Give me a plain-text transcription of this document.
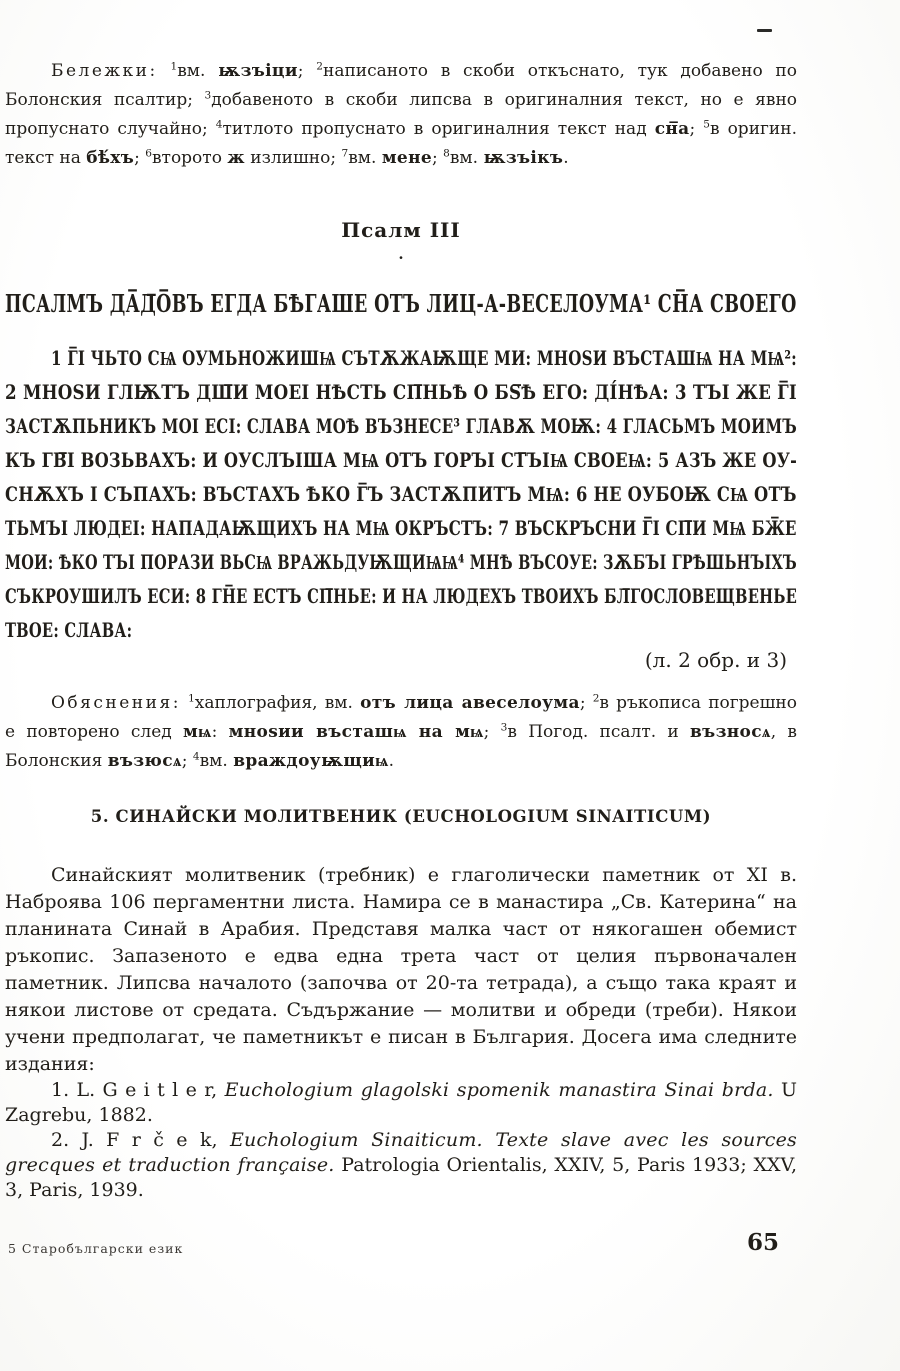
Бележки: $^1$вм. ѭзъіци; $^2$написаното в скоби откъснато, тук добавено по Болонския псалтир; $^3$добавеното в скоби липсва в оригиналния текст, но е явно пропуснато случайно; $^4$титлото пропуснато в оригиналния текст над сн̅а; $^5$в оригин. текст на бѣ́хъ; $^6$второто ж излишно; $^7$вм. мене; $^8$вм. ѭзъікъ.

Псалм III
.
ПСАЛМЪ ДА̅Д̅О̅ВЪ ЕГДА БѢГАШЕ ОТЪ ЛИЦ-А-ВЕСЕЛОУМА¹ СН̅А СВОЕГО
1 Г̅І ЧЬТО СѨ ОУМЬНОЖИШѨ СЪТѪЖАѬЩЕ МИ: МНОЅИ ВЪСТАШѨ НА МѨ²:
2 МНОЅИ ГЛѬТЪ ДШ̅И МОЕІ НѢСТЬ СП̅НЬѢ О БЅ̅Ѣ ЕГО: ДІ́НѢА: 3 ТЪІ ЖЕ Г̅І
ЗАСТѪПЬНИКЪ МОІ ЕСІ: СЛАВА МОѢ ВЪЗНЕСЕ³ ГЛАВѪ МОѬ: 4 ГЛАСЬМЪ МОИМЪ
КЪ ГВ̅І ВОЗЬВАХЪ: И ОУСЛЪІША МѨ ОТЪ ГОРЪІ СТ̅ЪІѨ СВОЕѨ: 5 АЗЪ ЖЕ ОУ-
СНѪХЪ І СЪПАХЪ: ВЪСТАХЪ ѢКО Г̅Ъ ЗАСТѪПИТЪ МѨ: 6 НЕ ОУБОѬ СѨ ОТЪ
ТЬМЪІ ЛЮДЕІ: НАПАДАѬЩИХЪ НА МѨ ОКРЪСТЪ: 7 ВЪСКРЪСНИ Г̅І СП̅И МѨ БЖ̅Е
МОИ: ѢКО ТЪІ ПОРАЗИ ВЬСѨ ВРАЖЬДУѬЩИѨѨ⁴ МНѢ ВЪСОУЕ: ЗѪБЪІ ГРѢШЬНЪІХЪ
СЪКРОУШИЛЪ ЕСИ: 8 ГН̅Е ЕСТЪ СП̅НЬЕ: И НА ЛЮДЕХЪ ТВОИХЪ БЛ̅ГОСЛОВЕЩВЕНЬЕ
ТВОЕ: СЛАВА:
(л. 2 обр. и 3)

Обяснения: $^1$хаплография, вм. отъ лица авеселоума; $^2$в ръкописа погрешно е повторено след мѩ: мноѕии въсташѩ на мѩ; $^3$в Погод. псалт. и възносѧ, в Болонския възюсѧ; $^4$вм. враждоуѭщиѩ.

5. СИНАЙСКИ МОЛИТВЕНИК (EUCHOLOGIUM SINAITICUM)

Синайският молитвеник (требник) е глаголически паметник от XI в. Наброява 106 пергаментни листа. Намира се в манастира „Св. Катерина“ на планината Синай в Арабия. Представя малка част от някогашен обемист ръкопис. Запазеното е едва една трета част от целия първоначален паметник. Липсва началото (започва от 20-та тетрада), а също така краят и някои листове от средата. Съдържание — молитви и обреди (треби). Някои учени предполагат, че паметникът е писан в България. Досега има следните издания:

1. L. G e i t l e r, Euchologium glagolski spomenik manastira Sinai brda. U Zagrebu, 1882.

2. J. F r č e k, Euchologium Sinaiticum. Texte slave avec les sources grecques et traduction française. Patrologia Orientalis, XXIV, 5, Paris 1933; XXV, 3, Paris, 1939.

5 Старобългарски език	65
